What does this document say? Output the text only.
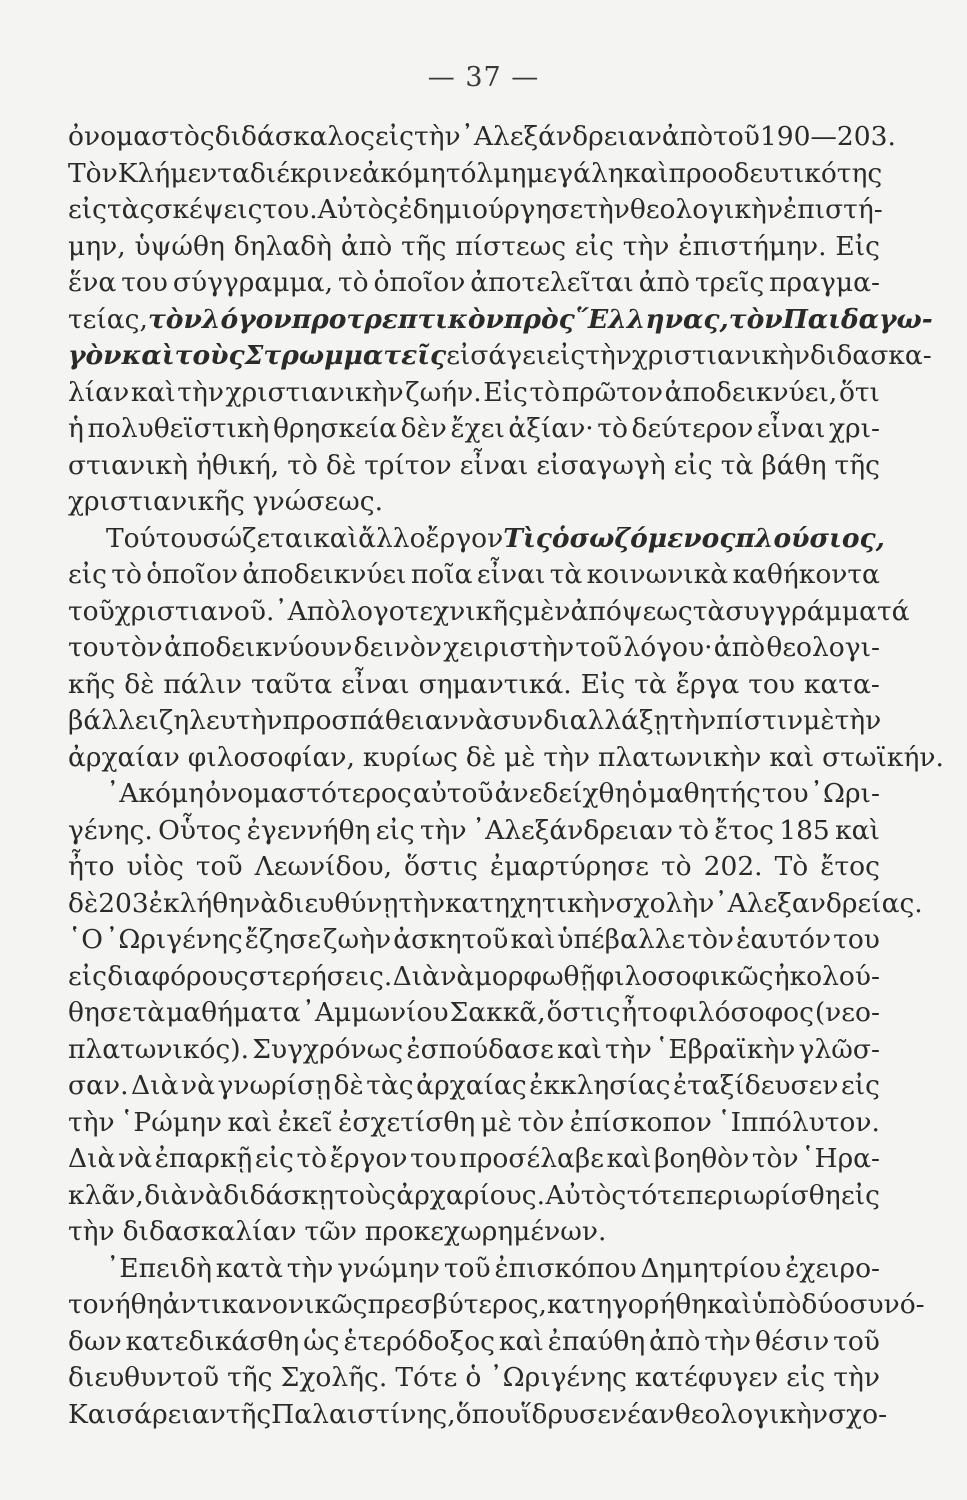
— 37 —
ὀνομαστὸς διδάσκαλος εἰς τὴν ᾿Αλεξάνδρειαν ἀπὸ τοῦ 190—203.
Τὸν Κλήμεντα διέκρινε ἀκόμη τόλμη μεγάλη καὶ προοδευτικότης
εἰς τὰς σκέψεις του. Αὐτὸς ἐδημιούργησε τὴν θεολογικὴν ἐπιστή-
μην, ὑψώθη δηλαδὴ ἀπὸ τῆς πίστεως εἰς τὴν ἐπιστήμην. Εἰς
ἕνα του σύγγραμμα, τὸ ὁποῖον ἀποτελεῖται ἀπὸ τρεῖς πραγμα-
τείας, τὸν λόγον προτρεπτικὸν πρὸς ῞Ελληνας, τὸν Παιδαγω-
γὸν καὶ τοὺς Στρωμματεῖς εἰσάγει εἰς τὴν χριστιανικὴν διδασκα-
λίαν καὶ τὴν χριστιανικὴν ζωήν. Εἰς τὸ πρῶτον ἀποδεικνύει, ὅτι
ἡ πολυθεϊστικὴ θρησκεία δὲν ἔχει ἀξίαν· τὸ δεύτερον εἶναι χρι-
στιανικὴ ἠθική, τὸ δὲ τρίτον εἶναι εἰσαγωγὴ εἰς τὰ βάθη τῆς
χριστιανικῆς γνώσεως.
Τούτου σώζεται καὶ ἄλλο ἔργον Τὶς ὁ σωζόμενος πλούσιος,
εἰς τὸ ὁποῖον ἀποδεικνύει ποῖα εἶναι τὰ κοινωνικὰ καθήκοντα
τοῦ χριστιανοῦ. ᾿Απὸ λογοτεχνικῆς μὲν ἀπόψεως τὰ συγγράμματά
του τὸν ἀποδεικνύουν δεινὸν χειριστὴν τοῦ λόγου· ἀπὸ θεολογι-
κῆς δὲ πάλιν ταῦτα εἶναι σημαντικά. Εἰς τὰ ἔργα του κατα-
βάλλει ζηλευτὴν προσπάθειαν νὰ συνδιαλλάξῃ τὴν πίστιν μὲ τὴν
ἀρχαίαν φιλοσοφίαν, κυρίως δὲ μὲ τὴν πλατωνικὴν καὶ στωϊκήν.
᾿Ακόμη ὀνομαστότερος αὐτοῦ ἀνεδείχθη ὁ μαθητής του ᾿Ωρι-
γένης. Οὗτος ἐγεννήθη εἰς τὴν ᾿Αλεξάνδρειαν τὸ ἔτος 185 καὶ
ἦτο υἱὸς τοῦ Λεωνίδου, ὅστις ἐμαρτύρησε τὸ 202. Τὸ ἔτος
δὲ 203 ἐκλήθη νὰ διευθύνῃ τὴν κατηχητικὴν σχολὴν᾿Αλεξανδρείας.
῾Ο ᾿Ωριγένης ἔζησε ζωὴν ἀσκητοῦ καὶ ὑπέβαλλε τὸν ἑαυτόν του
εἰς διαφόρους στερήσεις. Διὰ νὰ μορφωθῇ φιλοσοφικῶς ἠκολού-
θησε τὰ μαθήματα ᾿Αμμωνίου Σακκᾶ, ὅστις ἦτο φιλόσοφος (νεο-
πλατωνικός). Συγχρόνως ἐσπούδασε καὶ τὴν ῾Εβραϊκὴν γλῶσ-
σαν. Διὰ νὰ γνωρίσῃ δὲ τὰς ἀρχαίας ἐκκλησίας ἐταξίδευσεν εἰς
τὴν ῾Ρώμην καὶ ἐκεῖ ἐσχετίσθη μὲ τὸν ἐπίσκοπον ῾Ιππόλυτον.
Διὰ νὰ ἐπαρκῇ εἰς τὸ ἔργον του προσέλαβε καὶ βοηθὸν τὸν ῾Ηρα-
κλᾶν, διὰ νὰ διδάσκῃ τοὺς ἀρχαρίους. Αὐτὸς τότε περιωρίσθη εἰς
τὴν διδασκαλίαν τῶν προκεχωρημένων.
᾿Επειδὴ κατὰ τὴν γνώμην τοῦ ἐπισκόπου Δημητρίου ἐχειρο-
τονήθη ἀντικανονικῶς πρεσβύτερος,κατηγορήθη καὶ ὑπὸ δύο συνό-
δων κατεδικάσθη ὡς ἑτερόδοξος καὶ ἐπαύθη ἀπὸ τὴν θέσιν τοῦ
διευθυντοῦ τῆς Σχολῆς. Τότε ὁ ᾿Ωριγένης κατέφυγεν εἰς τὴν
Καισάρειαν τῆς Παλαιστίνης, ὅπου ἵδρυσε νέαν θεολογικὴν σχο-
